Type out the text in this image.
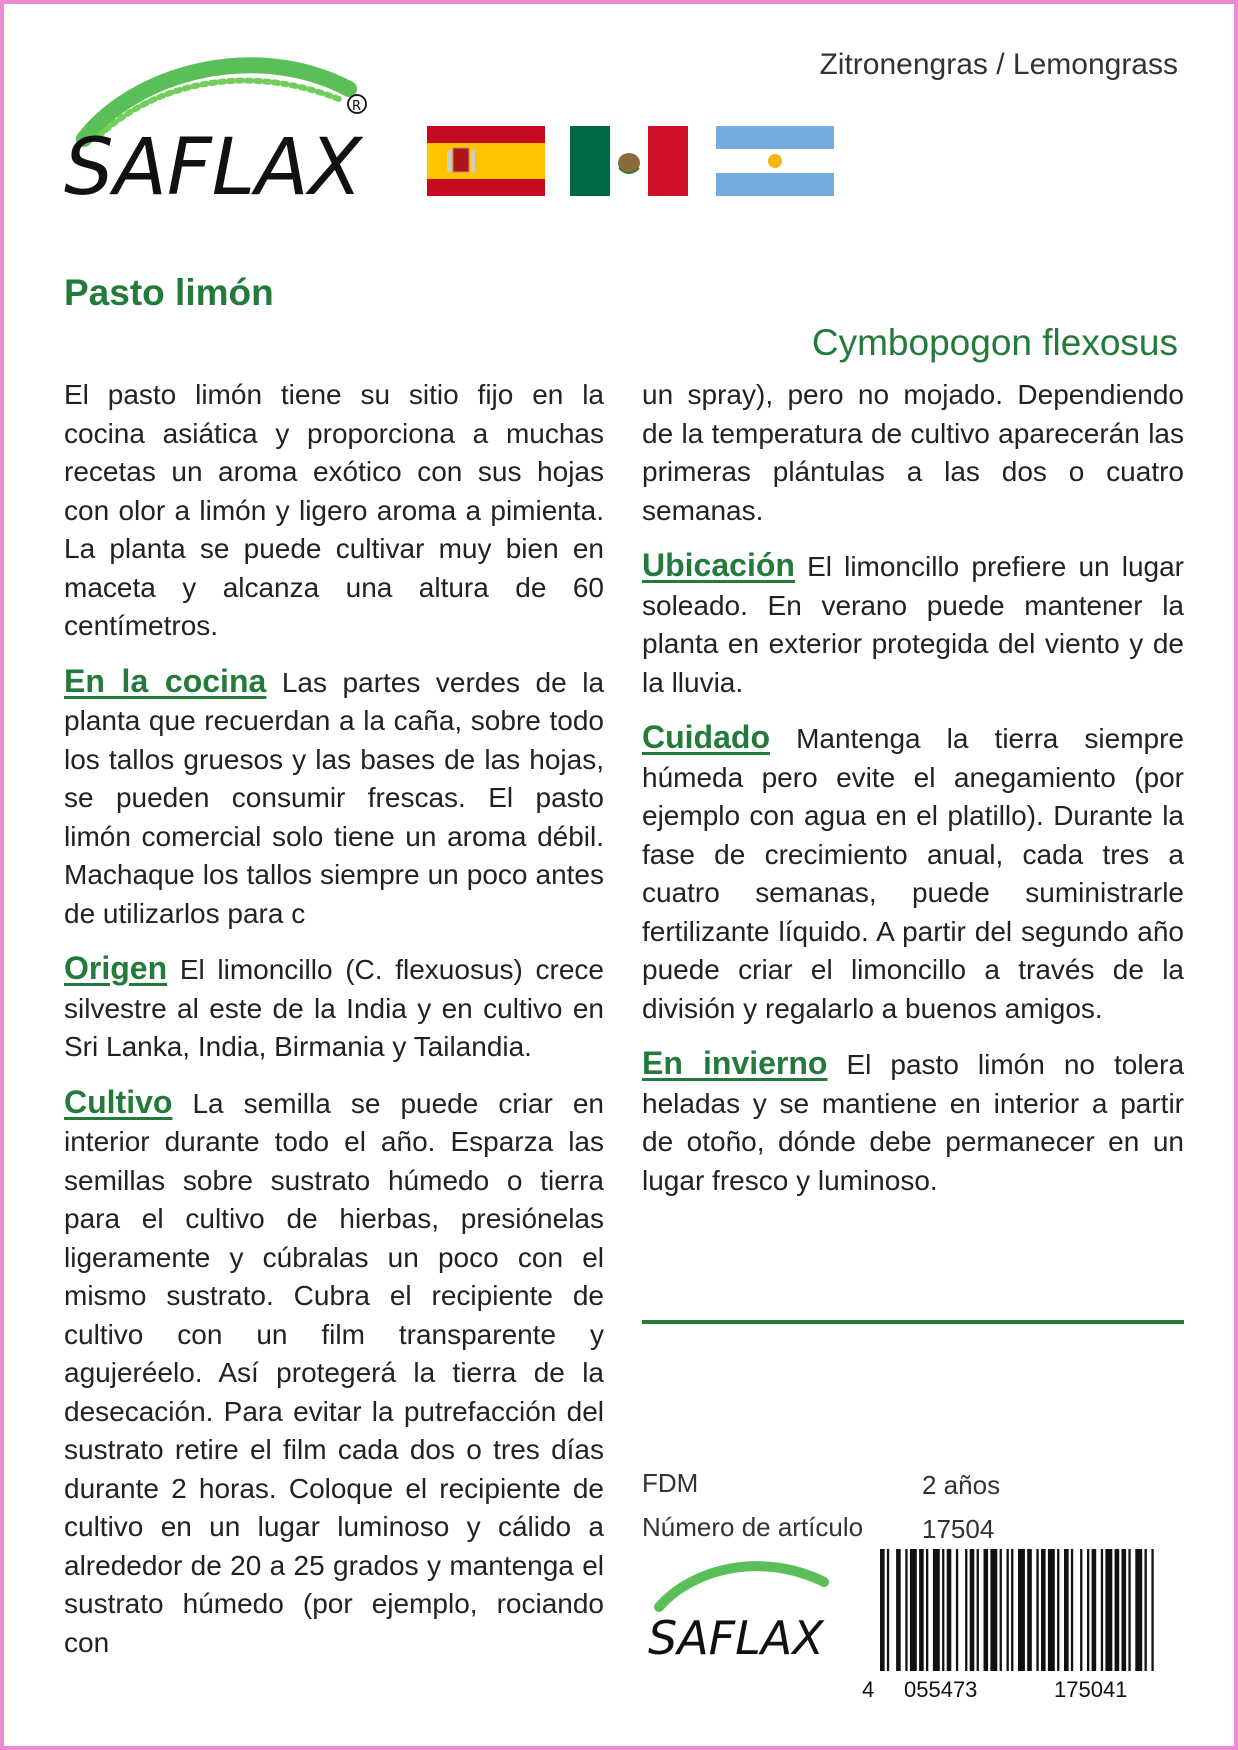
SAFLAX
R
Zitronengras / Lemongrass
Pasto limón
Cymbopogon flexosus

El pasto limón tiene su sitio fijo en la cocina asiática y proporciona a muchas recetas un aroma exótico con sus hojas con olor a limón y ligero aroma a pimienta. La planta se puede cultivar muy bien en maceta y alcanza una altura de 60 centímetros.

En la cocina Las partes verdes de la planta que recuerdan a la caña, sobre todo los tallos gruesos y las bases de las hojas, se pueden consumir frescas. El pasto limón comercial solo tiene un aroma débil. Machaque los tallos siempre un poco antes de utilizarlos para c

Origen El limoncillo (C. flexuosus) crece silvestre al este de la India y en cultivo en Sri Lanka, India, Birmania y Tailandia.

Cultivo La semilla se puede criar en interior durante todo el año. Esparza las semillas sobre sustrato húmedo o tierra para el cultivo de hierbas, presiónelas ligeramente y cúbralas un poco con el mismo sustrato. Cubra el recipiente de cultivo con un film transparente y agujeréelo. Así protegerá la tierra de la desecación. Para evitar la putrefacción del sustrato retire el film cada dos o tres días durante 2 horas. Coloque el recipiente de cultivo en un lugar luminoso y cálido a alrededor de 20 a 25 grados y mantenga el sustrato húmedo (por ejemplo, rociando con

un spray), pero no mojado. Dependiendo de la temperatura de cultivo aparecerán las primeras plántulas a las dos o cuatro semanas.

Ubicación El limoncillo prefiere un lugar soleado. En verano puede mantener la planta en exterior protegida del viento y de la lluvia.

Cuidado Mantenga la tierra siempre húmeda pero evite el anegamiento (por ejemplo con agua en el platillo). Durante la fase de crecimiento anual, cada tres a cuatro semanas, puede suministrarle fertilizante líquido. A partir del segundo año puede criar el limoncillo a través de la división y regalarlo a buenos amigos.

En invierno El pasto limón no tolera heladas y se mantiene en interior a partir de otoño, dónde debe permanecer en un lugar fresco y luminoso.

FDM	2 años
Número de artículo 17504
SAFLAX
4 055473	175041
